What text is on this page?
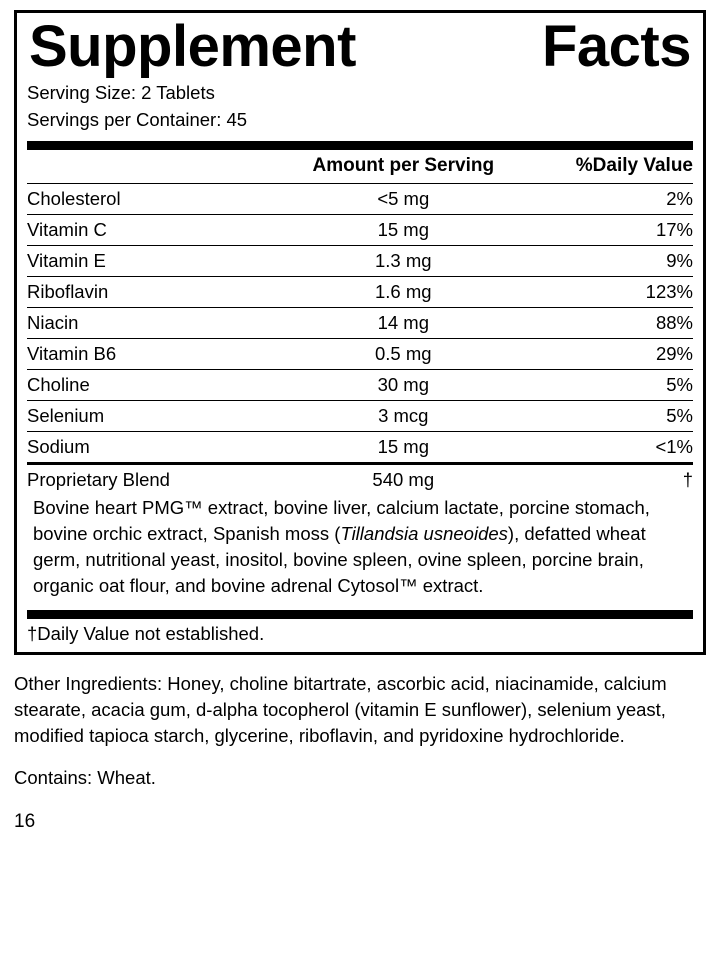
Supplement	Facts
Serving Size: 2 Tablets
Servings per Container: 45
	Amount per Serving	%Daily Value
Cholesterol	<5 mg	2%
Vitamin C	15 mg	17%
Vitamin E	1.3 mg	9%
Riboflavin	1.6 mg	123%
Niacin	14 mg	88%
Vitamin B6	0.5 mg	29%
Choline	30 mg	5%
Selenium	3 mcg	5%
Sodium	15 mg	<1%
Proprietary Blend	540 mg	†
Bovine heart PMG™ extract, bovine liver, calcium lactate, porcine stomach, bovine orchic extract, Spanish moss (Tillandsia usneoides), defatted wheat germ, nutritional yeast, inositol, bovine spleen, ovine spleen, porcine brain, organic oat flour, and bovine adrenal Cytosol™ extract.
†Daily Value not established.
Other Ingredients: Honey, choline bitartrate, ascorbic acid, niacinamide, calcium stearate, acacia gum, d-alpha tocopherol (vitamin E sunflower), selenium yeast, modified tapioca starch, glycerine, riboflavin, and pyridoxine hydrochloride.
Contains: Wheat.
16
